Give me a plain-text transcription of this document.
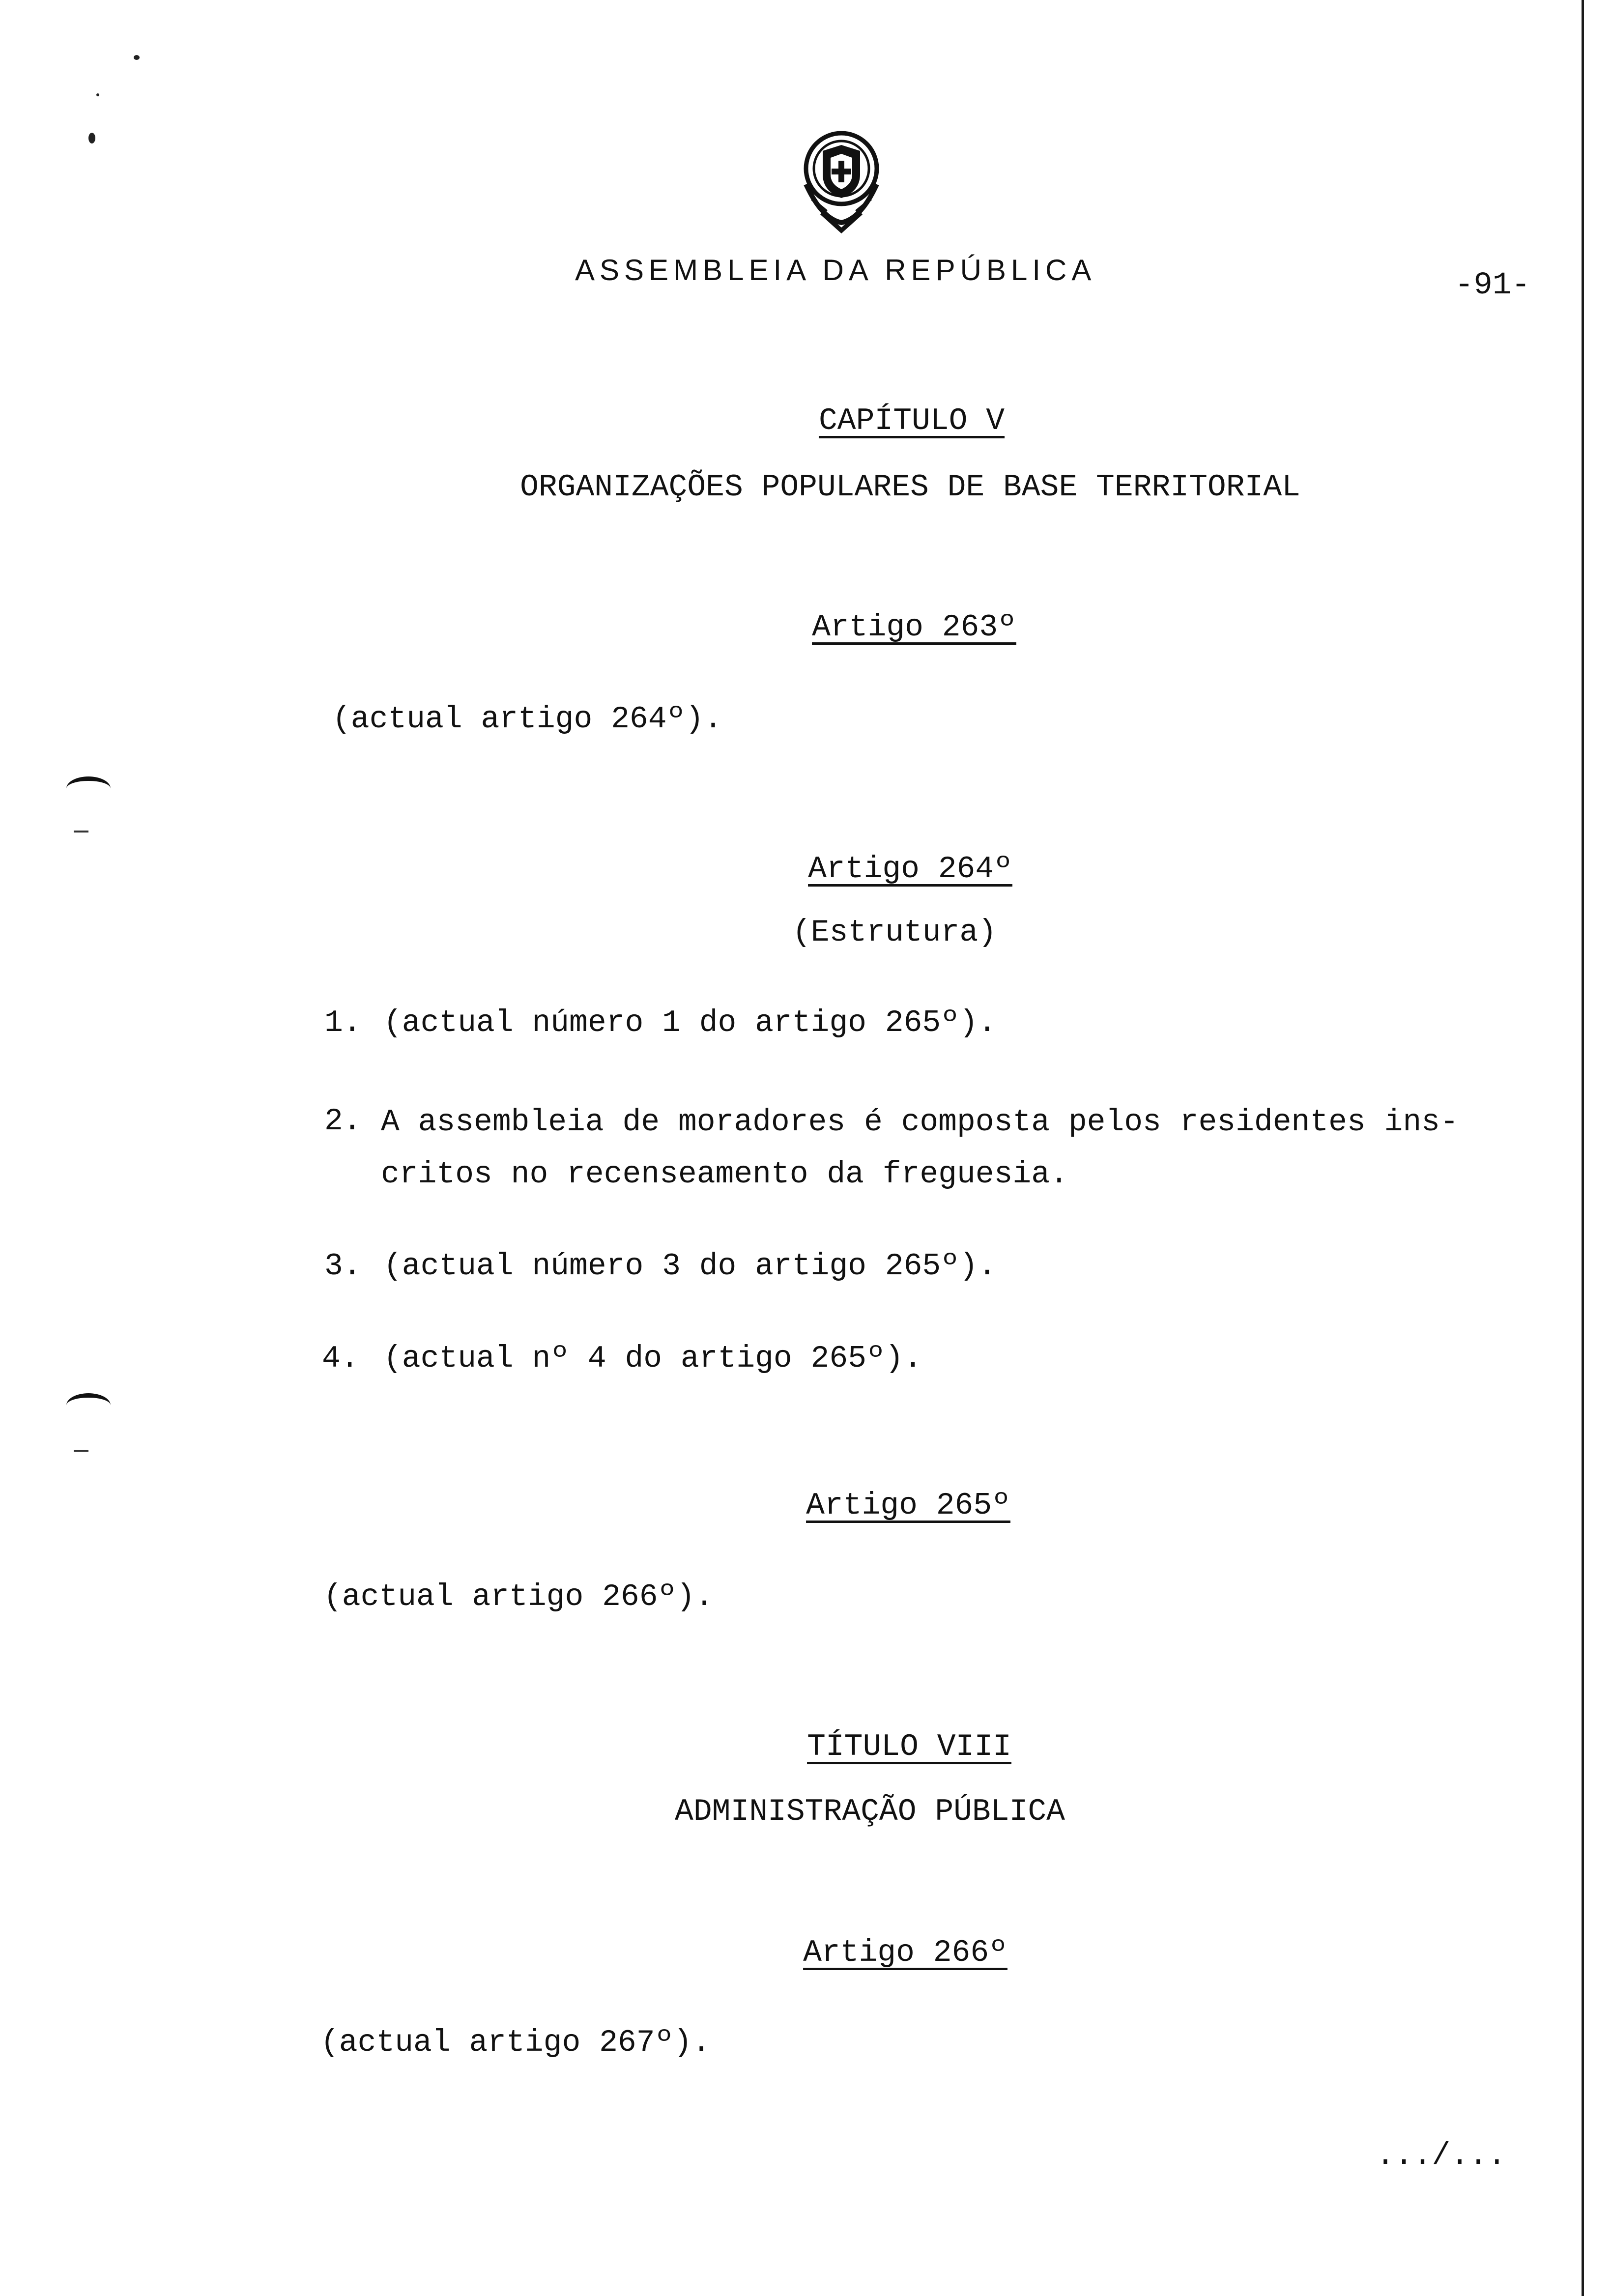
ASSEMBLEIA DA REPÚBLICA	-91-
CAPÍTULO V
ORGANIZAÇÕES POPULARES DE BASE TERRITORIAL
Artigo 263º
(actual artigo 264º).
Artigo 264º
(Estrutura)
1. (actual número 1 do artigo 265º).
2. A assembleia de moradores é composta pelos residentes ins-
critos no recenseamento da freguesia.
3. (actual número 3 do artigo 265º).
4. (actual nº 4 do artigo 265º).
Artigo 265º
(actual artigo 266º).
TÍTULO VIII
ADMINISTRAÇÃO PÚBLICA
Artigo 266º
(actual artigo 267º).
.../...
